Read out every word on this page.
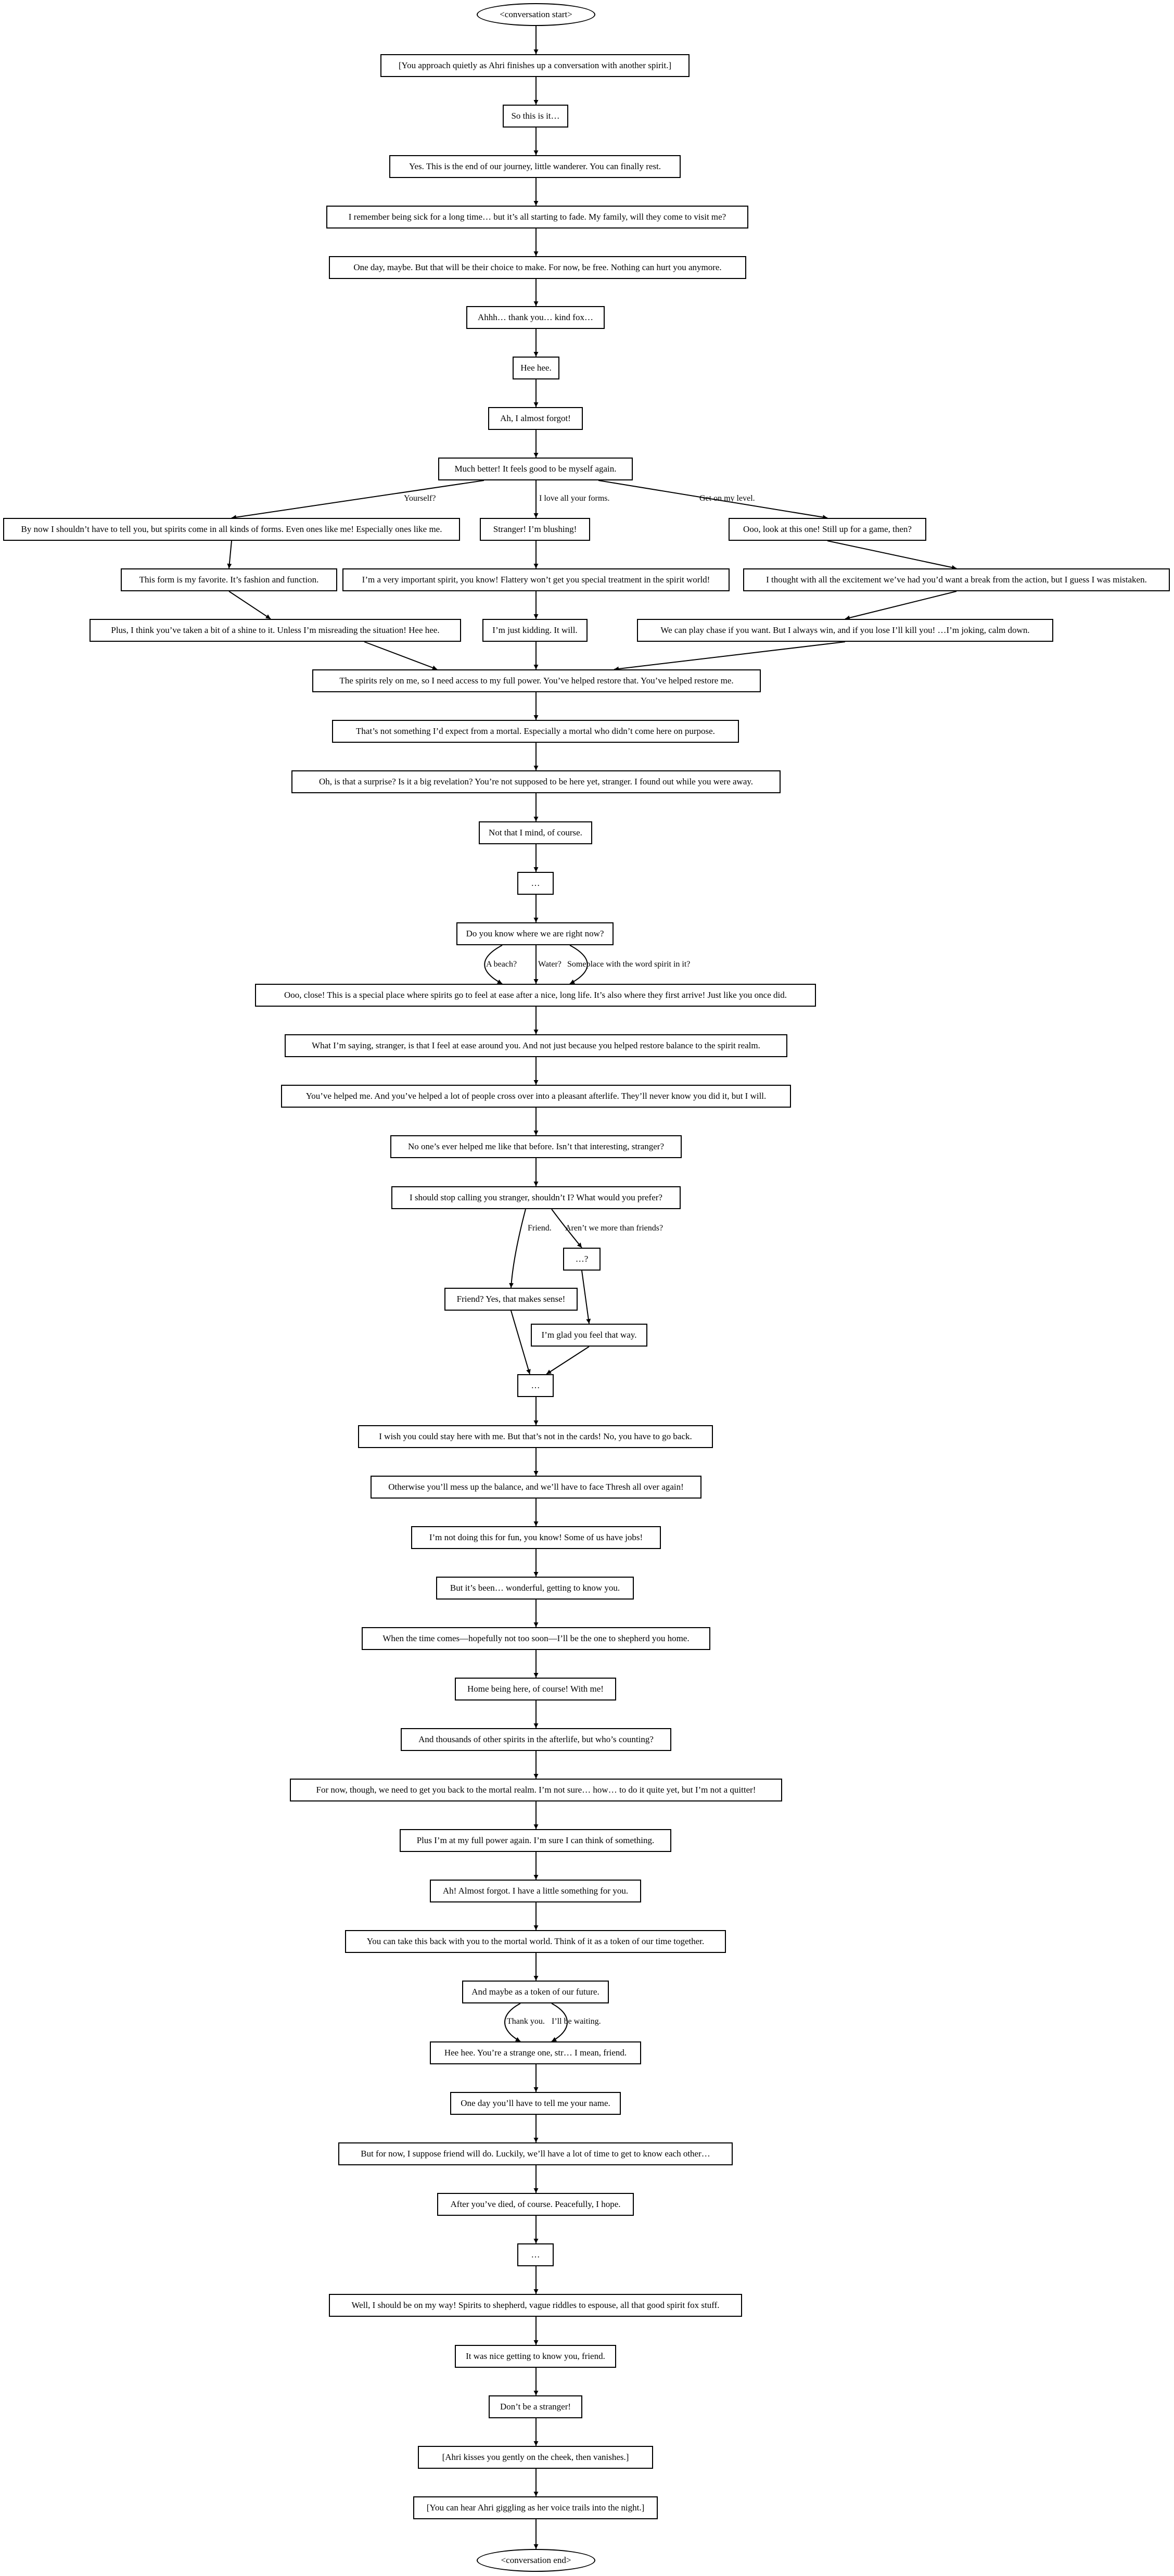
<conversation start>
[You approach quietly as Ahri finishes up a conversation with another spirit.]
So this is it…
Yes. This is the end of our journey, little wanderer. You can finally rest.
I remember being sick for a long time… but it’s all starting to fade. My family, will they come to visit me?
One day, maybe. But that will be their choice to make. For now, be free. Nothing can hurt you anymore.
Ahhh… thank you… kind fox…
Hee hee.
Ah, I almost forgot!
Much better! It feels good to be myself again.
By now I shouldn’t have to tell you, but spirits come in all kinds of forms. Even ones like me! Especially ones like me.
This form is my favorite. It’s fashion and function.
Plus, I think you’ve taken a bit of a shine to it. Unless I’m misreading the situation! Hee hee.
Stranger! I’m blushing!
I’m a very important spirit, you know! Flattery won’t get you special treatment in the spirit world!
I’m just kidding. It will.
Ooo, look at this one! Still up for a game, then?
I thought with all the excitement we’ve had you’d want a break from the action, but I guess I was mistaken.
We can play chase if you want. But I always win, and if you lose I’ll kill you! …I’m joking, calm down.
The spirits rely on me, so I need access to my full power. You’ve helped restore that. You’ve helped restore me.
That’s not something I’d expect from a mortal. Especially a mortal who didn’t come here on purpose.
Oh, is that a surprise? Is it a big revelation? You’re not supposed to be here yet, stranger. I found out while you were away.
Not that I mind, of course.
…
Do you know where we are right now?
Ooo, close! This is a special place where spirits go to feel at ease after a nice, long life. It’s also where they first arrive! Just like you once did.
What I’m saying, stranger, is that I feel at ease around you. And not just because you helped restore balance to the spirit realm.
You’ve helped me. And you’ve helped a lot of people cross over into a pleasant afterlife. They’ll never know you did it, but I will.
No one’s ever helped me like that before. Isn’t that interesting, stranger?
I should stop calling you stranger, shouldn’t I? What would you prefer?
…?
Friend? Yes, that makes sense!
I’m glad you feel that way.
…
I wish you could stay here with me. But that’s not in the cards! No, you have to go back.
Otherwise you’ll mess up the balance, and we’ll have to face Thresh all over again!
I’m not doing this for fun, you know! Some of us have jobs!
But it’s been… wonderful, getting to know you.
When the time comes—hopefully not too soon—I’ll be the one to shepherd you home.
Home being here, of course! With me!
And thousands of other spirits in the afterlife, but who’s counting?
For now, though, we need to get you back to the mortal realm. I’m not sure… how… to do it quite yet, but I’m not a quitter!
Plus I’m at my full power again. I’m sure I can think of something.
Ah! Almost forgot. I have a little something for you.
You can take this back with you to the mortal world. Think of it as a token of our time together.
And maybe as a token of our future.
Hee hee. You’re a strange one, str… I mean, friend.
One day you’ll have to tell me your name.
But for now, I suppose friend will do. Luckily, we’ll have a lot of time to get to know each other…
After you’ve died, of course. Peacefully, I hope.
…
Well, I should be on my way! Spirits to shepherd, vague riddles to espouse, all that good spirit fox stuff.
It was nice getting to know you, friend.
Don’t be a stranger!
[Ahri kisses you gently on the cheek, then vanishes.]
[You can hear Ahri giggling as her voice trails into the night.]
<conversation end>
Yourself?	I love all your forms.	Get on my level.
A beach?	Water? Someplace with the word spirit in it?
Friend. Aren’t we more than friends?
Thank you. I’ll be waiting.
